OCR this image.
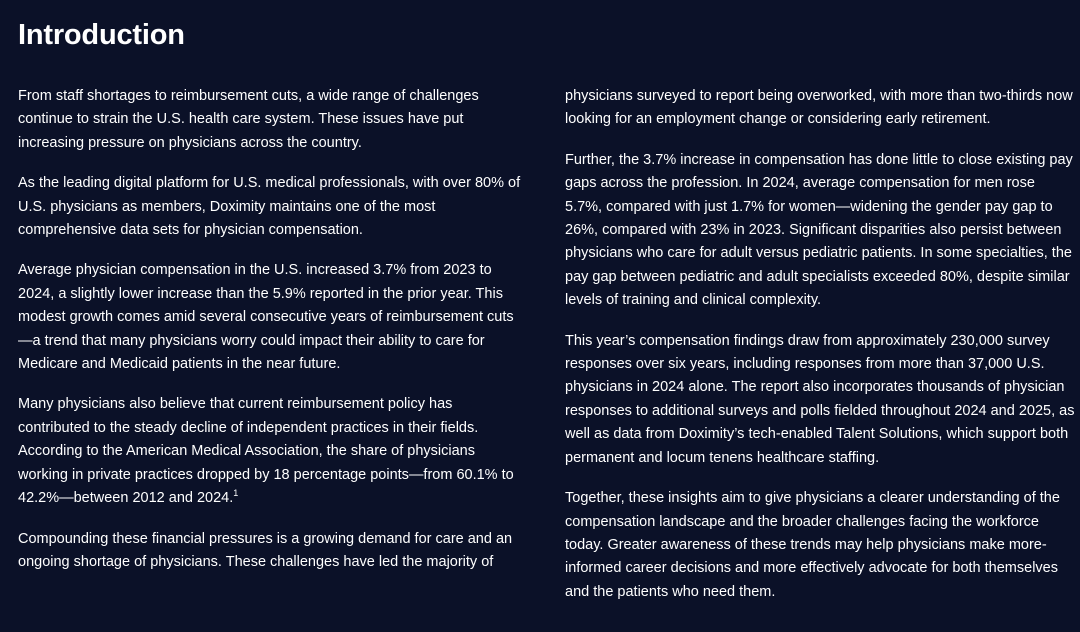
Introduction

From staff shortages to reimbursement cuts, a wide range of challenges continue to strain the U.S. health care system. These issues have put increasing pressure on physicians across the country.

As the leading digital platform for U.S. medical professionals, with over 80% of U.S. physicians as members, Doximity maintains one of the most comprehensive data sets for physician compensation.

Average physician compensation in the U.S. increased 3.7% from 2023 to 2024, a slightly lower increase than the 5.9% reported in the prior year. This modest growth comes amid several consecutive years of reimbursement cuts—a trend that many physicians worry could impact their ability to care for Medicare and Medicaid patients in the near future.

Many physicians also believe that current reimbursement policy has contributed to the steady decline of independent practices in their fields. According to the American Medical Association, the share of physicians working in private practices dropped by 18 percentage points—from 60.1% to 42.2%—between 2012 and 2024.$^1$

Compounding these financial pressures is a growing demand for care and an ongoing shortage of physicians. These challenges have led the majority of

physicians surveyed to report being overworked, with more than two-thirds now looking for an employment change or considering early retirement.

Further, the 3.7% increase in compensation has done little to close existing pay gaps across the profession. In 2024, average compensation for men rose 5.7%, compared with just 1.7% for women—widening the gender pay gap to 26%, compared with 23% in 2023. Significant disparities also persist between physicians who care for adult versus pediatric patients. In some specialties, the pay gap between pediatric and adult specialists exceeded 80%, despite similar levels of training and clinical complexity.

This year’s compensation findings draw from approximately 230,000 survey responses over six years, including responses from more than 37,000 U.S. physicians in 2024 alone. The report also incorporates thousands of physician responses to additional surveys and polls fielded throughout 2024 and 2025, as well as data from Doximity’s tech-enabled Talent Solutions, which support both permanent and locum tenens healthcare staffing.

Together, these insights aim to give physicians a clearer understanding of the compensation landscape and the broader challenges facing the workforce today. Greater awareness of these trends may help physicians make more-informed career decisions and more effectively advocate for both themselves and the patients who need them.
